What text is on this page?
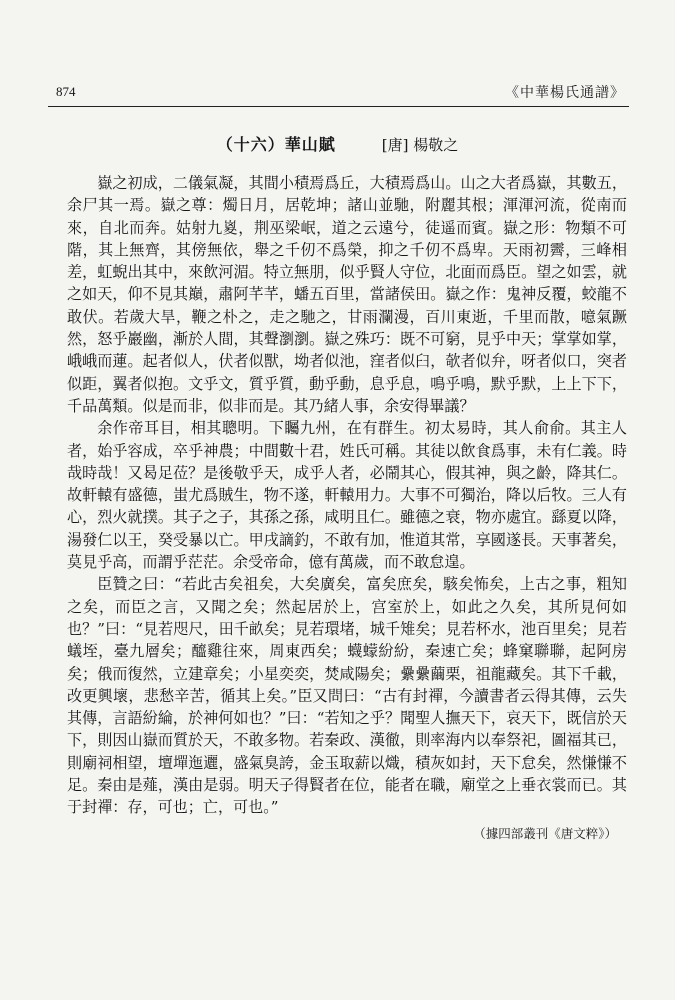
874	《中華楊氏通譜》
（十六）華山賦	[唐] 楊敬之

嶽之初成，二儀氣凝，其間小積焉爲丘，大積焉爲山。山之大者爲嶽，其數五，余尸其一焉。嶽之尊：燭日月，居乾坤；諸山並馳，附麗其根；渾渾河流，從南而來，自北而奔。姑射九嵏，荆巫梁岷，道之云遠兮，徒遥而賓。嶽之形：物類不可階，其上無齊，其傍無依，舉之千仞不爲榮，抑之千仞不爲卑。天雨初霽，三峰相差，虹蜺出其中，來飲河湄。特立無朋，似乎賢人守位，北面而爲臣。望之如雲，就之如天，仰不見其巔，肅阿芊芊，蟠五百里，當諸侯田。嶽之作：鬼神反覆，蛟龍不敢伏。若歲大旱，鞭之朴之，走之馳之，甘雨瀾漫，百川東逝，千里而散，噫氣蹶然，怒乎巖幽，漸於人間，其聲瀏瀏。嶽之殊巧：既不可窮，見乎中天；掌掌如掌，峨峨而蓮。起者似人，伏者似獸，坳者似池，窪者似臼，欹者似弁，呀者似口，突者似距，翼者似抱。文乎文，質乎質，動乎動，息乎息，鳴乎鳴，默乎默，上上下下，千品萬類。似是而非，似非而是。其乃緒人事，余安得畢議？

余作帝耳目，相其聰明。下矚九州，在有群生。初太易時，其人俞俞。其主人者，始乎容成，卒乎神農；中間數十君，姓氏可稱。其徒以飲食爲事，未有仁義。時哉時哉！又曷足莅？是後敬乎天，成乎人者，必鬧其心，假其神，與之齡，降其仁。故軒轅有盛德，蚩尤爲賊生，物不遂，軒轅用力。大事不可獨治，降以后牧。三人有心，烈火就撲。其子之子，其孫之孫，咸明且仁。雖德之衰，物亦處宜。繇夏以降，湯發仁以王，癸受暴以亡。甲戌謫釣，不敢有加，惟道其常，享國遂長。天事著矣，莫見乎高，而謂乎茫茫。余受帝命，億有萬歲，而不敢怠遑。

臣贊之曰：“若此古矣祖矣，大矣廣矣，富矣庶矣，駭矣怖矣，上古之事，粗知之矣，而臣之言，又聞之矣；然起居於上，宫室於上，如此之久矣，其所見何如也？”曰：“見若咫尺，田千畝矣；見若環堵，城千雉矣；見若杯水，池百里矣；見若蟻垤，臺九層矣；醯雞往來，周東西矣；蠛蠓紛紛，秦速亡矣；蜂窠聯聯，起阿房矣；俄而復然，立建章矣；小星奕奕，焚咸陽矣；纍纍繭栗，祖龍藏矣。其下千載，改更興壞，悲愁辛苦，循其上矣。”臣又問曰：“古有封禪，今讀書者云得其傳，云失其傳，言語紛綸，於神何如也？”曰：“若知之乎？聞聖人撫天下，哀天下，既信於天下，則因山嶽而質於天，不敢多物。若秦政、漢徹，則率海内以奉祭祀，圖福其已，則廟祠相望，壇墠迤邐，盛氣臭誇，金玉取薪以熾，積灰如封，天下怠矣，然慊慊不足。秦由是薤，漢由是弱。明天子得賢者在位，能者在職，廟堂之上垂衣裳而已。其于封禪：存，可也；亡，可也。”

（據四部叢刊《唐文粹》）
